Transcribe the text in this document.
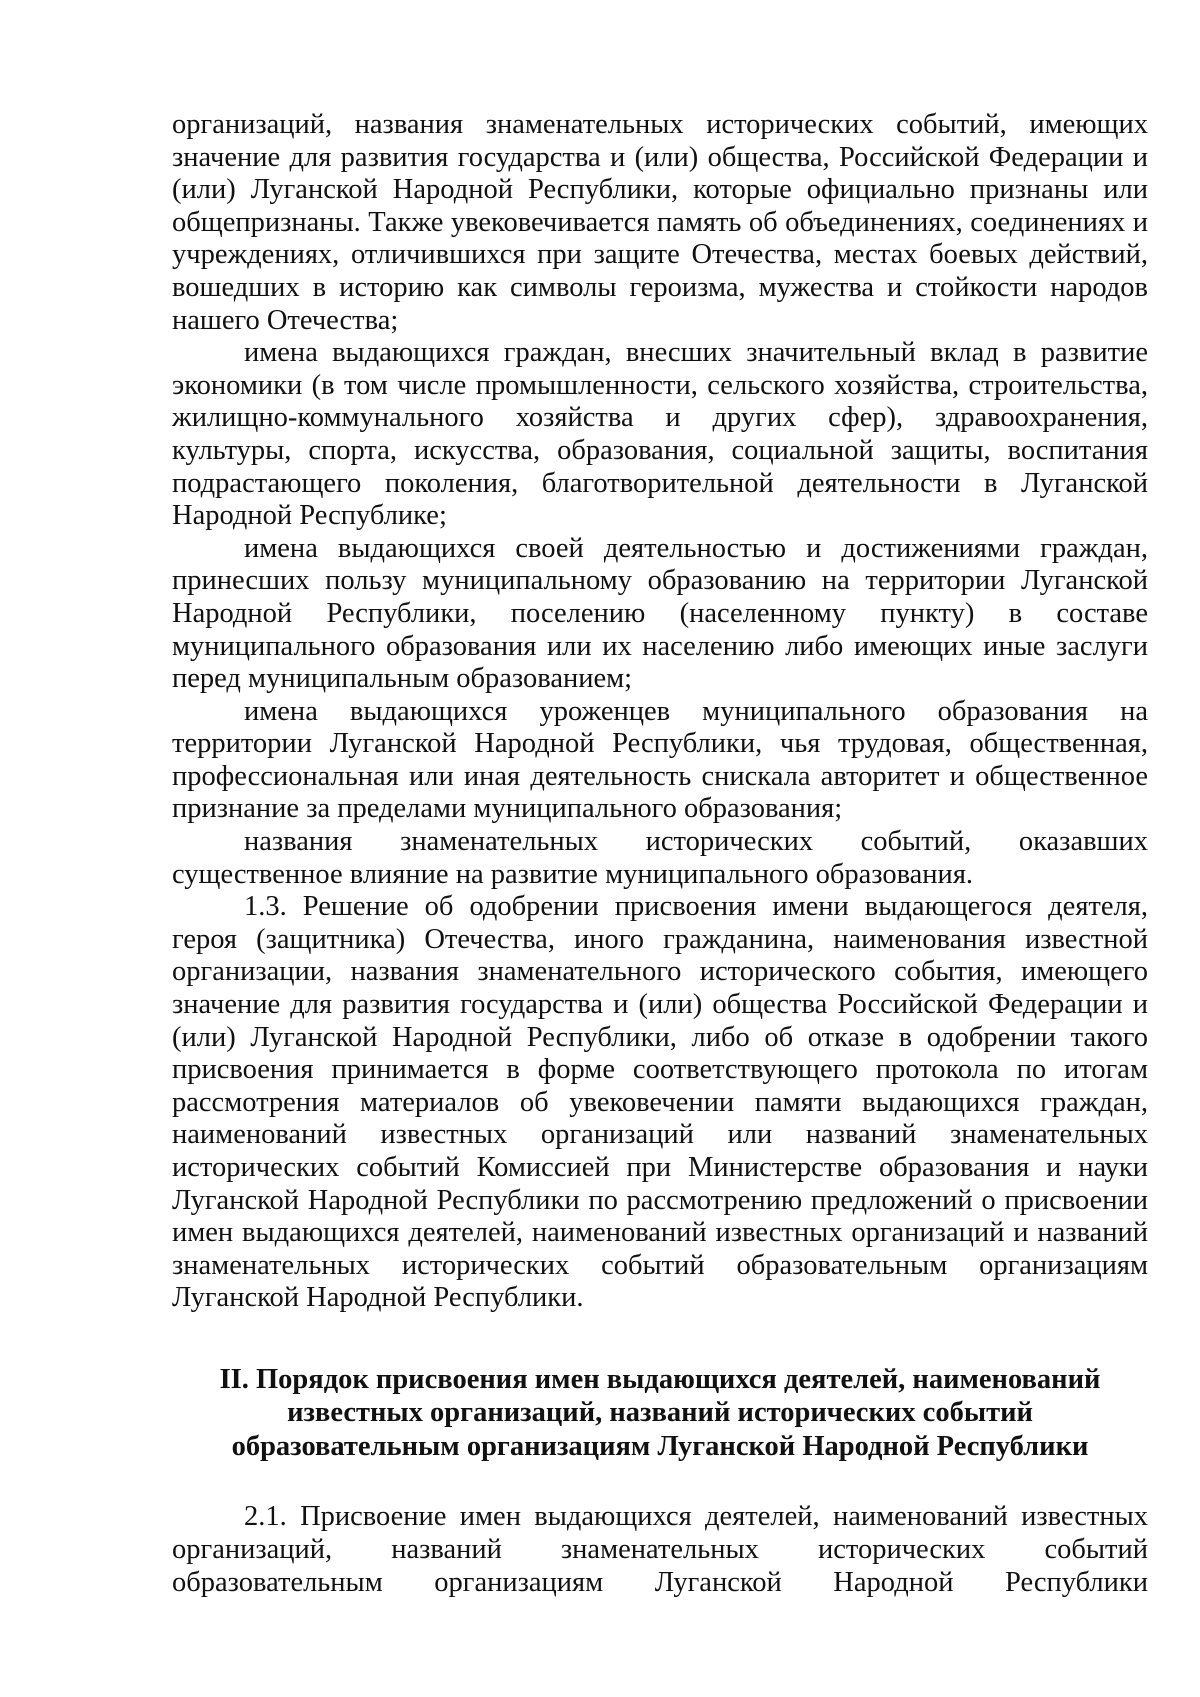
организаций, названия знаменательных исторических событий, имеющих значение для развития государства и (или) общества, Российской Федерации и (или) Луганской Народной Республики, которые официально признаны или общепризнаны. Также увековечивается память об объединениях, соединениях и учреждениях, отличившихся при защите Отечества, местах боевых действий, вошедших в историю как символы героизма, мужества и стойкости народов нашего Отечества;

имена выдающихся граждан, внесших значительный вклад в развитие экономики (в том числе промышленности, сельского хозяйства, строительства, жилищно-коммунального хозяйства и других сфер), здравоохранения, культуры, спорта, искусства, образования, социальной защиты, воспитания подрастающего поколения, благотворительной деятельности в Луганской Народной Республике;

имена выдающихся своей деятельностью и достижениями граждан, принесших пользу муниципальному образованию на территории Луганской Народной Республики, поселению (населенному пункту) в составе муниципального образования или их населению либо имеющих иные заслуги перед муниципальным образованием;

имена выдающихся уроженцев муниципального образования на территории Луганской Народной Республики, чья трудовая, общественная, профессиональная или иная деятельность снискала авторитет и общественное признание за пределами муниципального образования;

названия знаменательных исторических событий, оказавших существенное влияние на развитие муниципального образования.

1.3. Решение об одобрении присвоения имени выдающегося деятеля, героя (защитника) Отечества, иного гражданина, наименования известной организации, названия знаменательного исторического события, имеющего значение для развития государства и (или) общества Российской Федерации и (или) Луганской Народной Республики, либо об отказе в одобрении такого присвоения принимается в форме соответствующего протокола по итогам рассмотрения материалов об увековечении памяти выдающихся граждан, наименований известных организаций или названий знаменательных исторических событий Комиссией при Министерстве образования и науки Луганской Народной Республики по рассмотрению предложений о присвоении имен выдающихся деятелей, наименований известных организаций и названий знаменательных исторических событий образовательным организациям Луганской Народной Республики.

II. Порядок присвоения имен выдающихся деятелей, наименований
известных организаций, названий исторических событий
образовательным организациям Луганской Народной Республики

2.1. Присвоение имен выдающихся деятелей, наименований известных организаций, названий знаменательных исторических событий образовательным организациям Луганской Народной Республики
